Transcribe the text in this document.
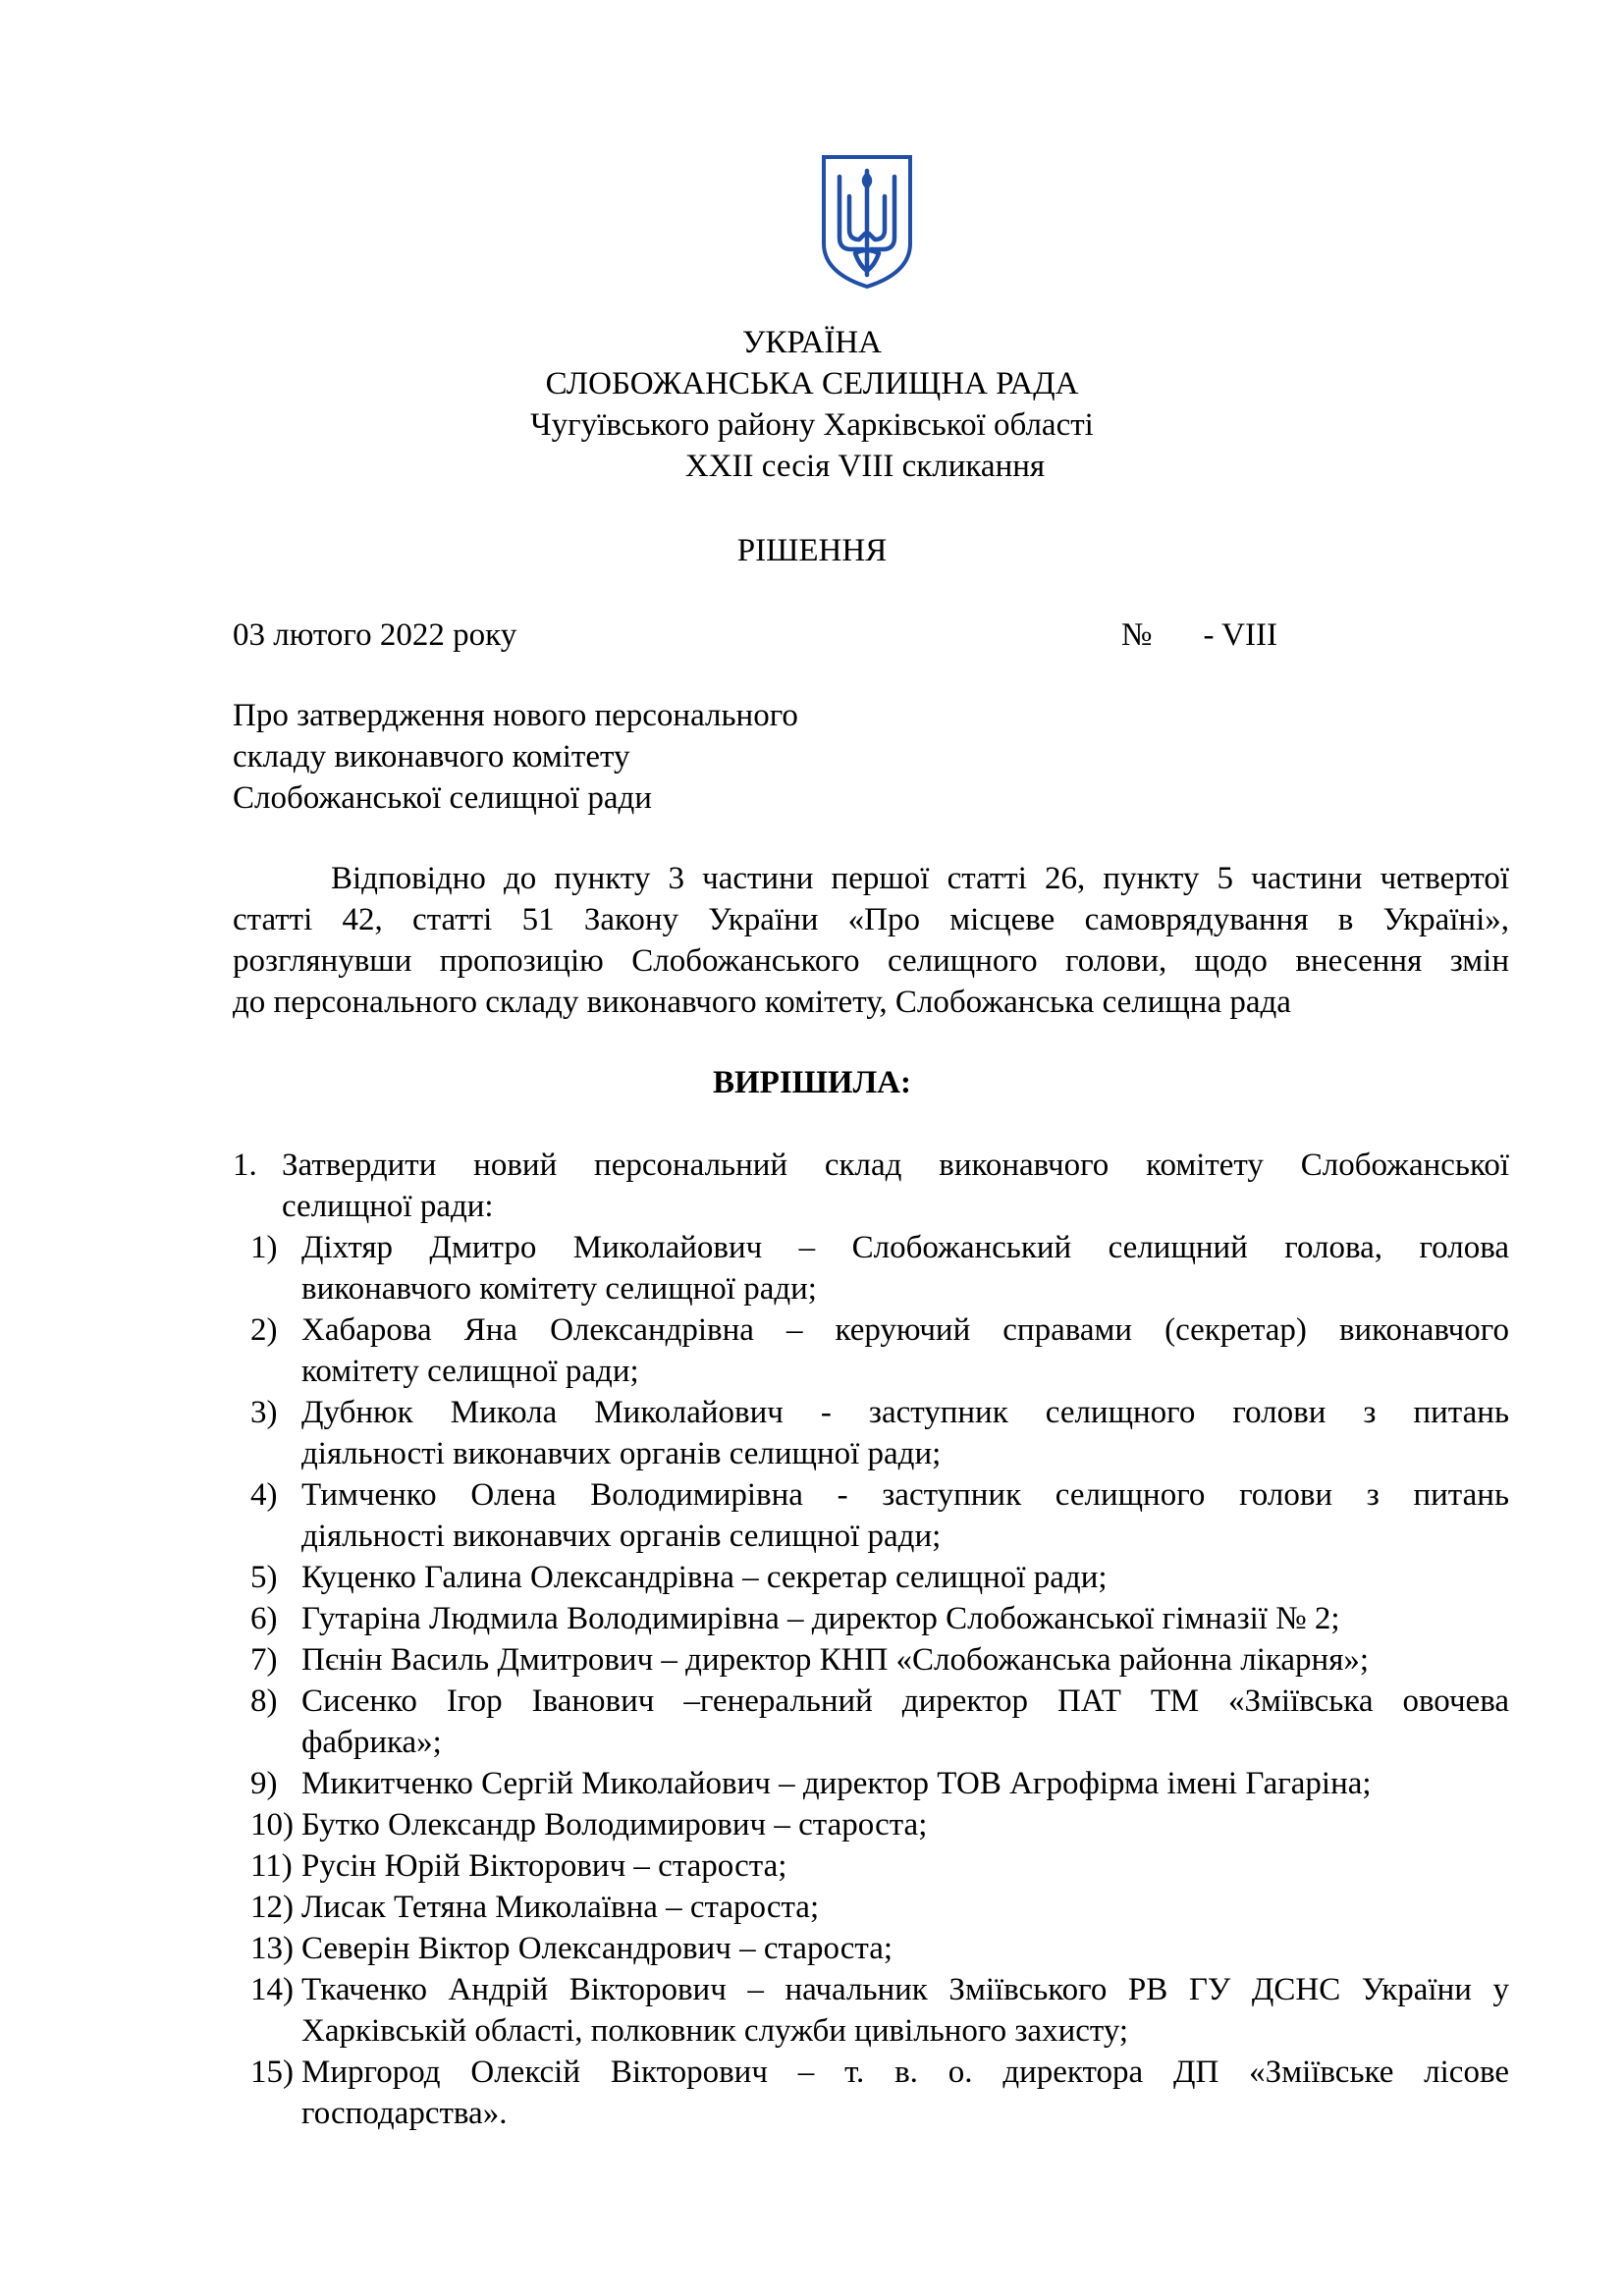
УКРАЇНА
СЛОБОЖАНСЬКА СЕЛИЩНА РАДА
Чугуївського району Харківської області
XXII сесія VIII скликання
РІШЕННЯ
03 лютого 2022 року	№ - VIII
Про затвердження нового персонального
складу виконавчого комітету
Слобожанської селищної ради
Відповідно до пункту 3 частини першої статті 26, пункту 5 частини четвертої
статті 42, статті 51 Закону України «Про місцеве самоврядування в Україні»,
розглянувши пропозицію Слобожанського селищного голови, щодо внесення змін
до персонального складу виконавчого комітету, Слобожанська селищна рада
ВИРІШИЛА:
1. Затвердити новий персональний склад виконавчого комітету Слобожанської
селищної ради:
1) Діхтяр Дмитро Миколайович – Слобожанський селищний голова, голова
виконавчого комітету селищної ради;
2) Хабарова Яна Олександрівна – керуючий справами (секретар) виконавчого
комітету селищної ради;
3) Дубнюк Микола Миколайович - заступник селищного голови з питань
діяльності виконавчих органів селищної ради;
4) Тимченко Олена Володимирівна - заступник селищного голови з питань
діяльності виконавчих органів селищної ради;
5) Куценко Галина Олександрівна – секретар селищної ради;
6) Гутаріна Людмила Володимирівна – директор Слобожанської гімназії № 2;
7) Пєнін Василь Дмитрович – директор КНП «Слобожанська районна лікарня»;
8) Сисенко Ігор Іванович –генеральний директор ПАТ ТМ «Зміївська овочева
фабрика»;
9) Микитченко Сергій Миколайович – директор ТОВ Агрофірма імені Гагаріна;
10) Бутко Олександр Володимирович – староста;
11) Русін Юрій Вікторович – староста;
12) Лисак Тетяна Миколаївна – староста;
13) Северін Віктор Олександрович – староста;
14) Ткаченко Андрій Вікторович – начальник Зміївського РВ ГУ ДСНС України у
Харківській області, полковник служби цивільного захисту;
15) Миргород Олексій Вікторович – т. в. о. директора ДП «Зміївське лісове
господарства».
